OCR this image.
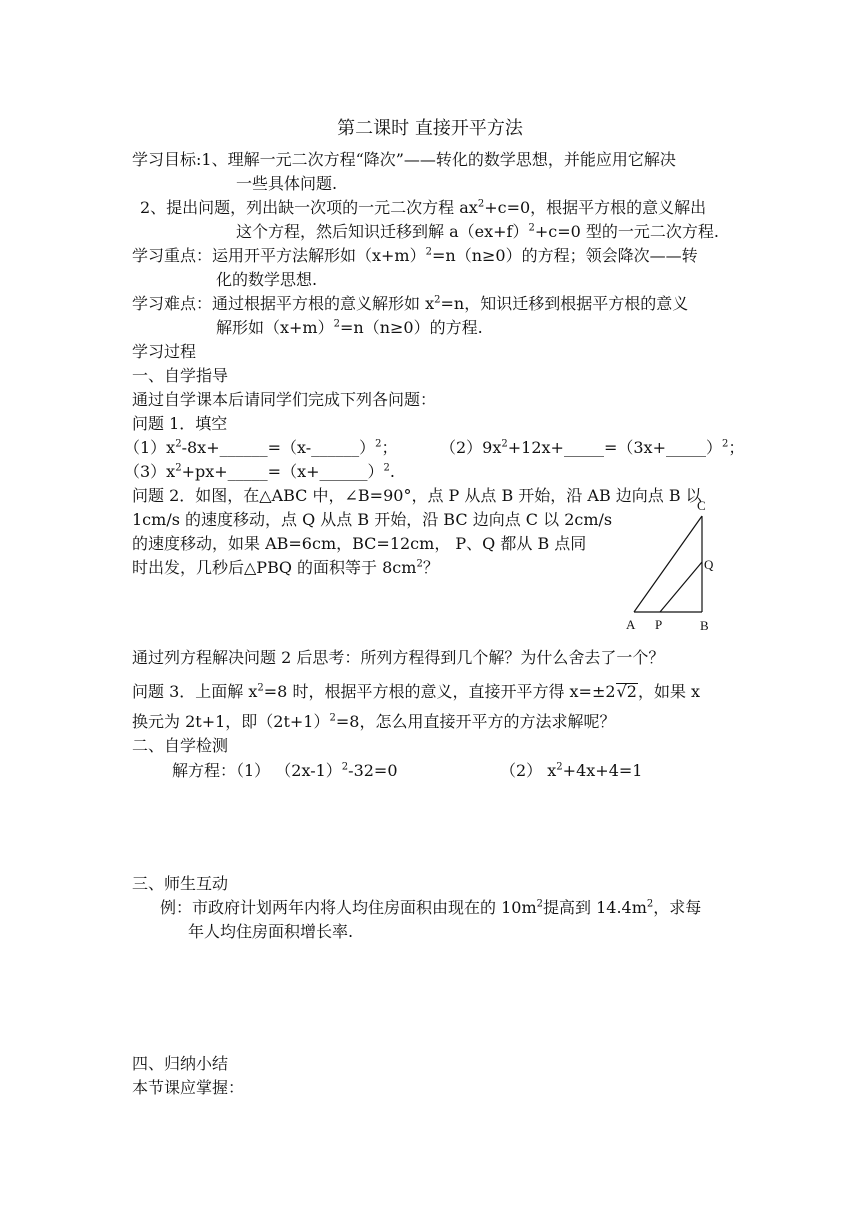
第二课时 直接开平方法
学习目标:1、理解一元二次方程“降次”——转化的数学思想，并能应用它解决
一些具体问题.
2、提出问题，列出缺一次项的一元二次方程 $ax^2+c=0$，根据平方根的意义解出
这个方程，然后知识迁移到解 $a(ex+f)^2+c=0$ 型的一元二次方程.
学习重点：运用开平方法解形如$(x+m)^2=n(n\ge 0)$的方程；领会降次——转
化的数学思想.
学习难点：通过根据平方根的意义解形如 $x^2=n$，知识迁移到根据平方根的意义
解形如$(x+m)^2=n(n\ge 0)$的方程.
学习过程
一、自学指导
通过自学课本后请同学们完成下列各问题：
问题 1．填空
$(1)x^2-8x+\_\_\_\_\_\_=(x-\_\_\_\_\_\_)^2$；	$(2)9x^2+12x+\_\_\_\_\_=(3x+\_\_\_\_\_)^2$；
$(3)x^2+px+\_\_\_\_\_=(x+\_\_\_\_\_\_)^2$.
问题 2．如图，在△ABC 中，∠B=90°，点 P 从点 B 开始，沿 AB 边向点 B 以
1cm/s 的速度移动，点 Q 从点 B 开始，沿 BC 边向点 C 以 2cm/s
的速度移动，如果 AB=6cm，BC=12cm， P、Q 都从 B 点同
时出发，几秒后△PBQ 的面积等于 $8cm^2$？
C
Q
A P	B
通过列方程解决问题 2 后思考：所列方程得到几个解？为什么舍去了一个？
问题 3．上面解 $x^2=8$ 时，根据平方根的意义，直接开平方得 x=±2√2，如果 x
换元为 2t+1，即$(2t+1)^2=8$，怎么用直接开平方的方法求解呢？
二、自学检测
解方程：（1） $(2x-1)^2-32=0$	（2） $x^2+4x+4=1$
三、师生互动
例：市政府计划两年内将人均住房面积由现在的 $10m^2$提高到 $14.4m^2$，求每
年人均住房面积增长率.
四、归纳小结
本节课应掌握：
